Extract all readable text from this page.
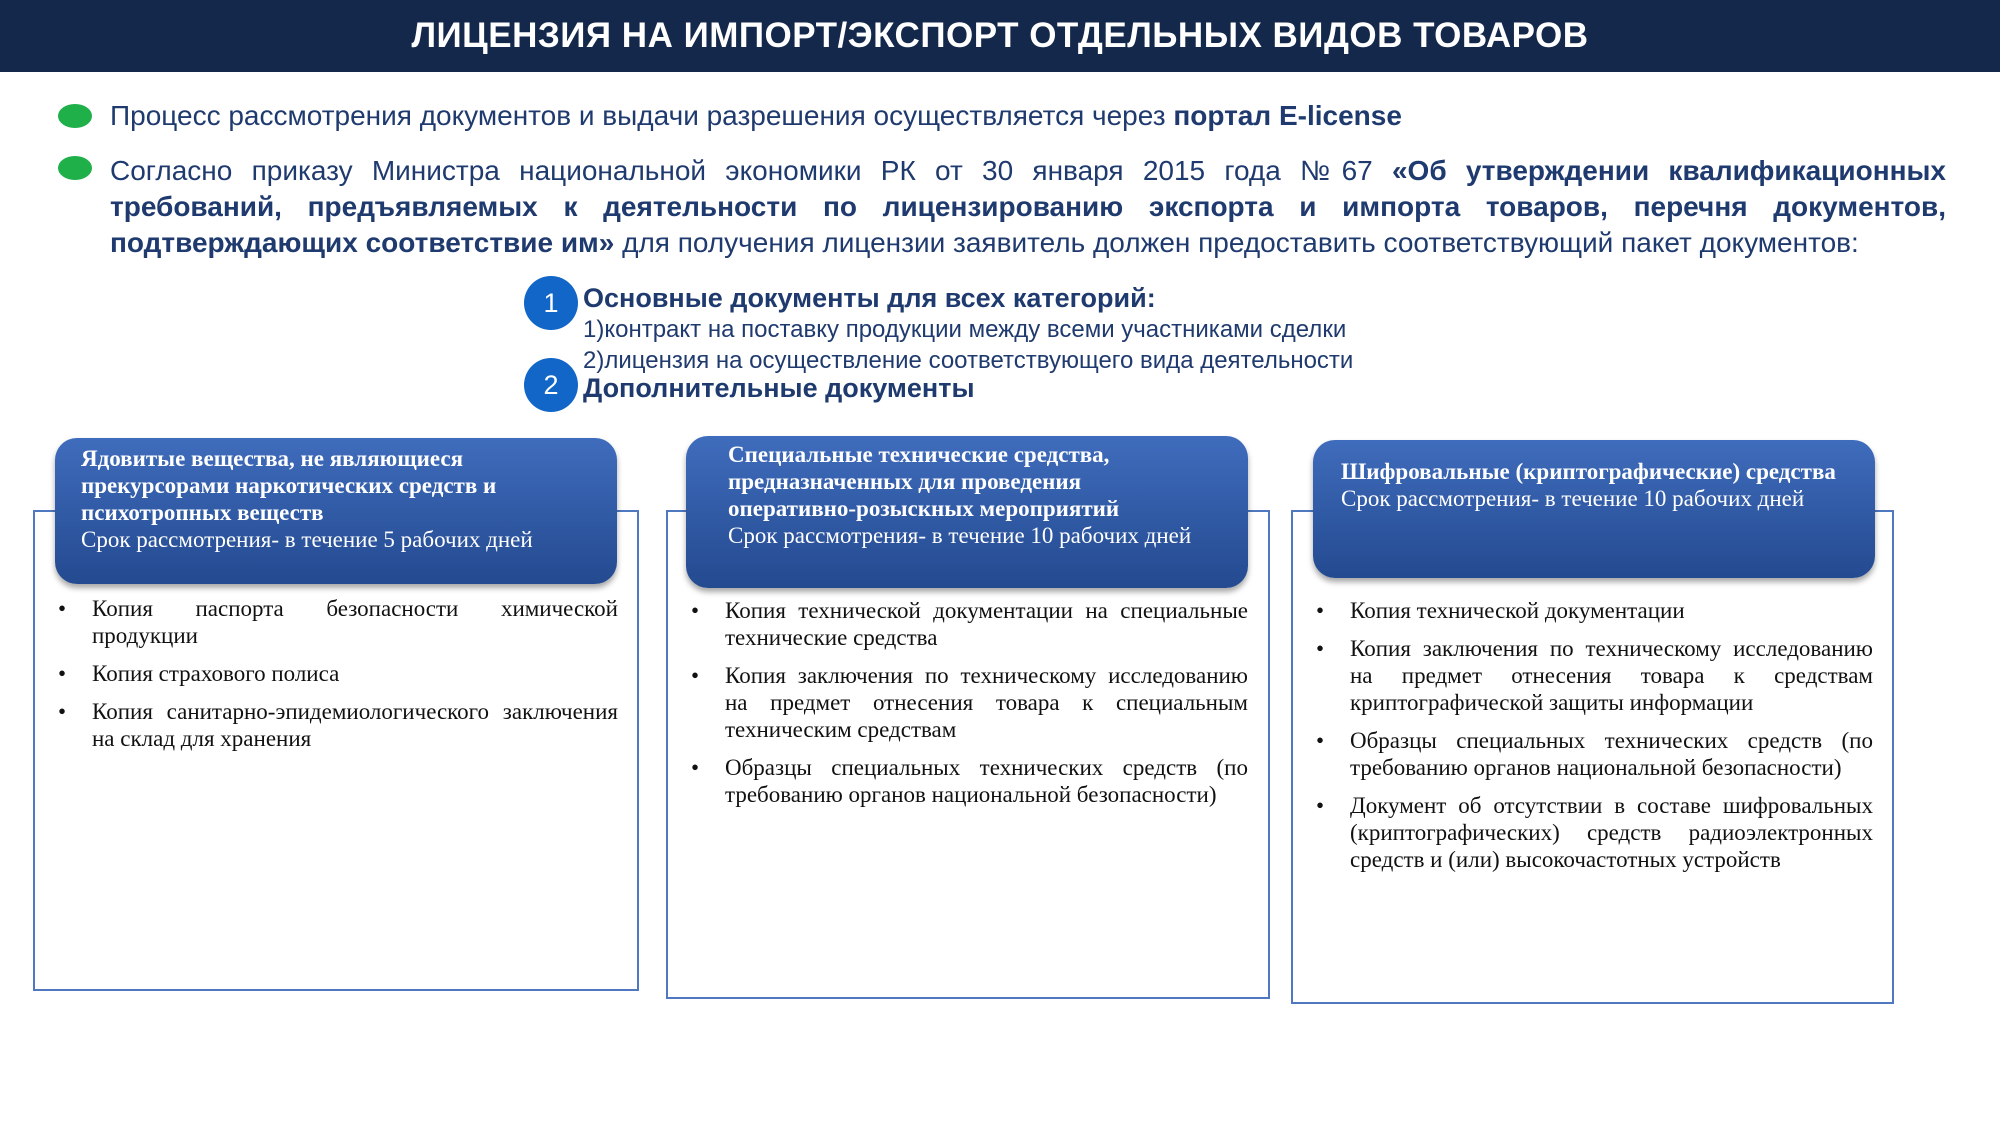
ЛИЦЕНЗИЯ НА ИМПОРТ/ЭКСПОРТ ОТДЕЛЬНЫХ ВИДОВ ТОВАРОВ
Процесс рассмотрения документов и выдачи разрешения осуществляется через портал E-license
Согласно приказу Министра национальной экономики РК от 30 января 2015 года №67 «Об утверждении квалификационных требований, предъявляемых к деятельности по лицензированию экспорта и импорта товаров, перечня документов, подтверждающих соответствие им» для получения лицензии заявитель должен предоставить соответствующий пакет документов:
1 Основные документы для всех категорий:
1)контракт на поставку продукции между всеми участниками сделки
2)лицензия на осуществление соответствующего вида деятельности
2 Дополнительные документы
Ядовитые вещества, не являющиеся прекурсорами наркотических средств и психотропных веществ
Срок рассмотрения- в течение 5 рабочих дней
• Копия паспорта безопасности химической продукции
• Копия страхового полиса
• Копия санитарно-эпидемиологического заключения на склад для хранения
Специальные технические средства, предназначенных для проведения оперативно-розыскных мероприятий
Срок рассмотрения- в течение 10 рабочих дней
• Копия технической документации на специальные технические средства
• Копия заключения по техническому исследованию на предмет отнесения товара к специальным техническим средствам
• Образцы специальных технических средств (по требованию органов национальной безопасности)
Шифровальные (криптографические) средства
Срок рассмотрения- в течение 10 рабочих дней
• Копия технической документации
• Копия заключения по техническому исследованию на предмет отнесения товара к средствам криптографической защиты информации
• Образцы специальных технических средств (по требованию органов национальной безопасности)
• Документ об отсутствии в составе шифровальных (криптографических) средств радиоэлектронных средств и (или) высокочастотных устройств
